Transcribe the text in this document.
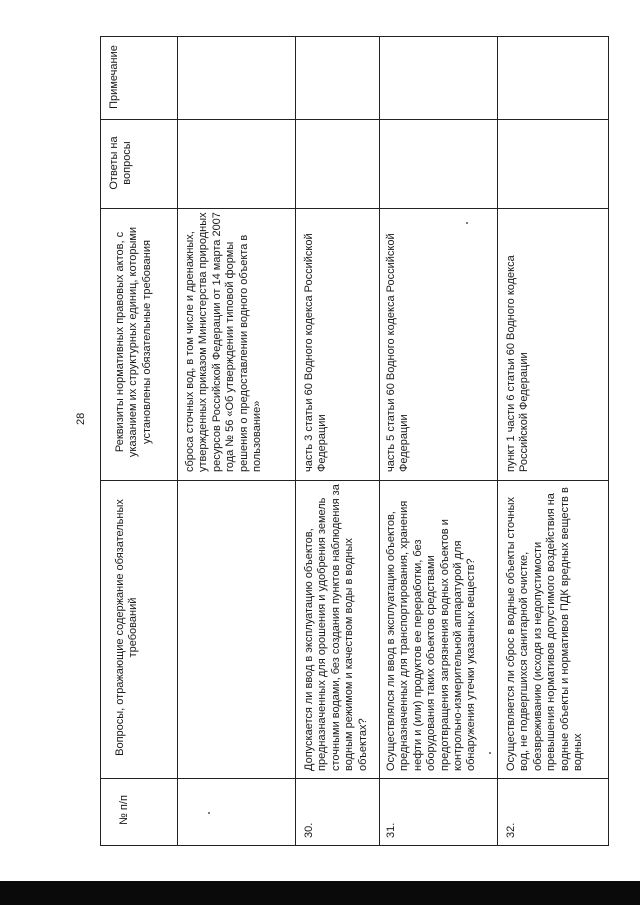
28
Примечание
Ответы на вопросы
Реквизиты нормативных правовых актов, с указанием их структурных единиц, которыми установлены обязательные требования
Вопросы, отражающие содержание обязательных требований
№ п/п
сброса сточных вод, в том числе и дренажных, утвержденных приказом Министерства природных ресурсов Российской Федерации от 14 марта 2007 года № 56 «Об утверждении типовой формы решения о предоставлении водного объекта в пользование»
30.
Допускается ли ввод в эксплуатацию объектов, предназначенных для орошения и удобрения земель сточными водами, без создания пунктов наблюдения за водным режимом и качеством воды в водных объектах?
часть 3 статьи 60 Водного кодекса Российской Федерации
31.
Осуществлялся ли ввод в эксплуатацию объектов, предназначенных для транспортирования, хранения нефти и (или) продуктов ее переработки, без оборудования таких объектов средствами предотвращения загрязнения водных объектов и контрольно-измерительной аппаратурой для обнаружения утечки указанных веществ?
часть 5 статьи 60 Водного кодекса Российской Федерации
32.
Осуществляется ли сброс в водные объекты сточных вод, не подвергшихся санитарной очистке, обезвреживанию (исходя из недопустимости превышения нормативов допустимого воздействия на водные объекты и нормативов ПДК вредных веществ в водных
пункт 1 части 6 статьи 60 Водного кодекса Российской Федерации
